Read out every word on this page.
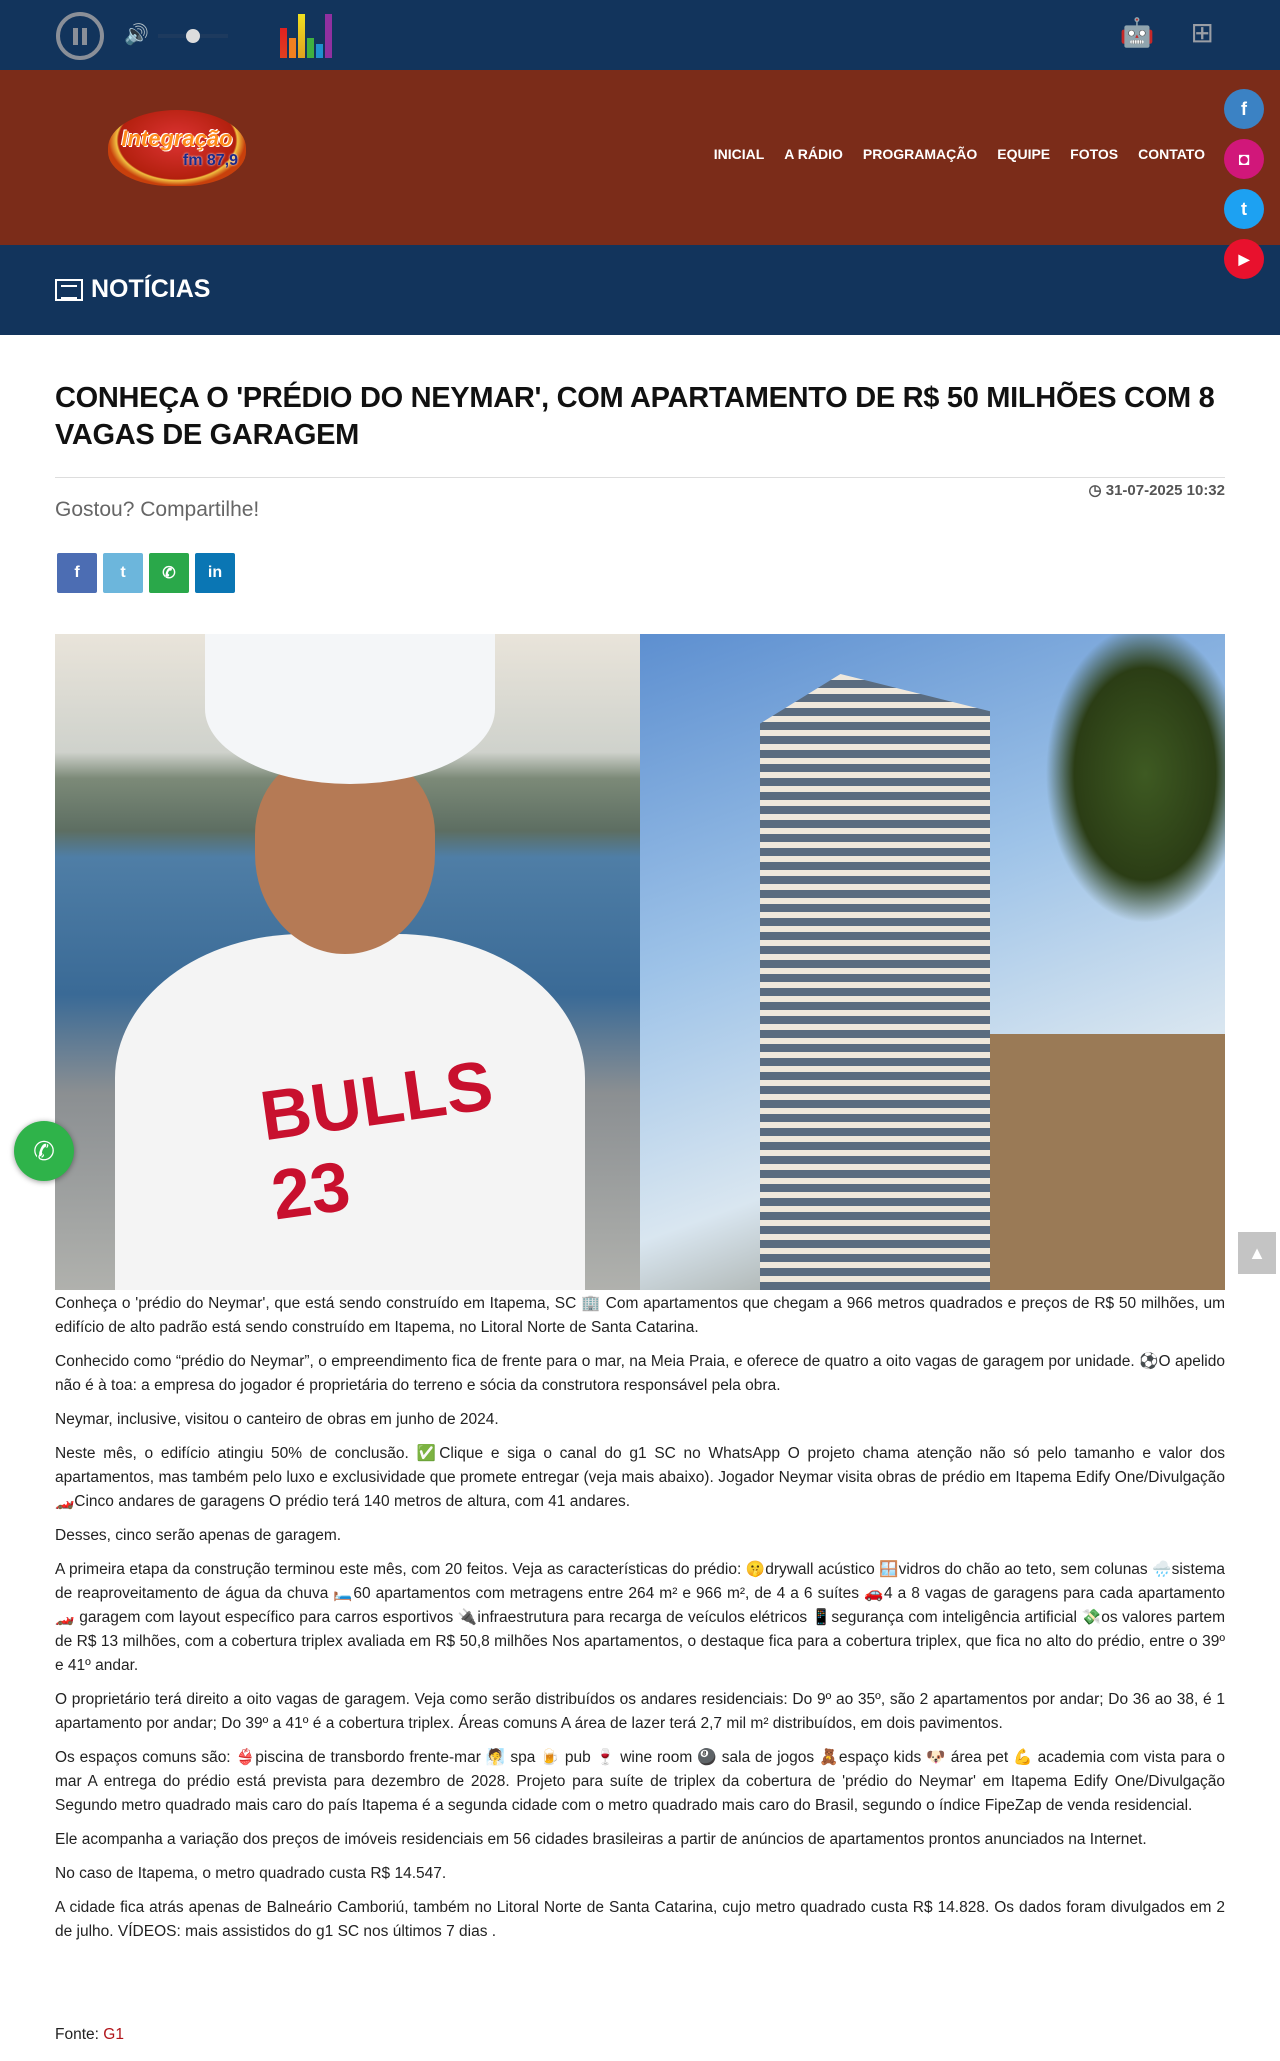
🔊	🤖 ⊞
Integração
fm 87,9	INICIAL A RÁDIO PROGRAMAÇÃO EQUIPE FOTOS CONTATO
NOTÍCIAS
f
◘
t
▶
CONHEÇA O 'PRÉDIO DO NEYMAR', COM APARTAMENTO DE R$ 50 MILHÕES COM 8 VAGAS DE GARAGEM
◷ 31-07-2025 10:32
Gostou? Compartilhe!
f	t	✆	in
BULLS 23

Conheça o 'prédio do Neymar', que está sendo construído em Itapema, SC 🏢 Com apartamentos que chegam a 966 metros quadrados e preços de R$ 50 milhões, um edifício de alto padrão está sendo construído em Itapema, no Litoral Norte de Santa Catarina.

Conhecido como “prédio do Neymar”, o empreendimento fica de frente para o mar, na Meia Praia, e oferece de quatro a oito vagas de garagem por unidade. ⚽O apelido não é à toa: a empresa do jogador é proprietária do terreno e sócia da construtora responsável pela obra.

Neymar, inclusive, visitou o canteiro de obras em junho de 2024.

Neste mês, o edifício atingiu 50% de conclusão. ✅Clique e siga o canal do g1 SC no WhatsApp O projeto chama atenção não só pelo tamanho e valor dos apartamentos, mas também pelo luxo e exclusividade que promete entregar (veja mais abaixo). Jogador Neymar visita obras de prédio em Itapema Edify One/Divulgação 🏎️Cinco andares de garagens O prédio terá 140 metros de altura, com 41 andares.

Desses, cinco serão apenas de garagem.

A primeira etapa da construção terminou este mês, com 20 feitos. Veja as características do prédio: 🤫drywall acústico 🪟vidros do chão ao teto, sem colunas 🌧️sistema de reaproveitamento de água da chuva 🛏️60 apartamentos com metragens entre 264 m² e 966 m², de 4 a 6 suítes 🚗4 a 8 vagas de garagens para cada apartamento 🏎️ garagem com layout específico para carros esportivos 🔌infraestrutura para recarga de veículos elétricos 📱segurança com inteligência artificial 💸os valores partem de R$ 13 milhões, com a cobertura triplex avaliada em R$ 50,8 milhões Nos apartamentos, o destaque fica para a cobertura triplex, que fica no alto do prédio, entre o 39º e 41º andar.

O proprietário terá direito a oito vagas de garagem. Veja como serão distribuídos os andares residenciais: Do 9º ao 35º, são 2 apartamentos por andar; Do 36 ao 38, é 1 apartamento por andar; Do 39º a 41º é a cobertura triplex. Áreas comuns A área de lazer terá 2,7 mil m² distribuídos, em dois pavimentos.

Os espaços comuns são: 👙piscina de transbordo frente-mar 🧖 spa 🍺 pub 🍷 wine room 🎱 sala de jogos 🧸espaço kids 🐶 área pet 💪 academia com vista para o mar A entrega do prédio está prevista para dezembro de 2028. Projeto para suíte de triplex da cobertura de 'prédio do Neymar' em Itapema Edify One/Divulgação Segundo metro quadrado mais caro do país Itapema é a segunda cidade com o metro quadrado mais caro do Brasil, segundo o índice FipeZap de venda residencial.

Ele acompanha a variação dos preços de imóveis residenciais em 56 cidades brasileiras a partir de anúncios de apartamentos prontos anunciados na Internet.

No caso de Itapema, o metro quadrado custa R$ 14.547.

A cidade fica atrás apenas de Balneário Camboriú, também no Litoral Norte de Santa Catarina, cujo metro quadrado custa R$ 14.828. Os dados foram divulgados em 2 de julho. VÍDEOS: mais assistidos do g1 SC nos últimos 7 dias .

Fonte: G1
✆
▲
